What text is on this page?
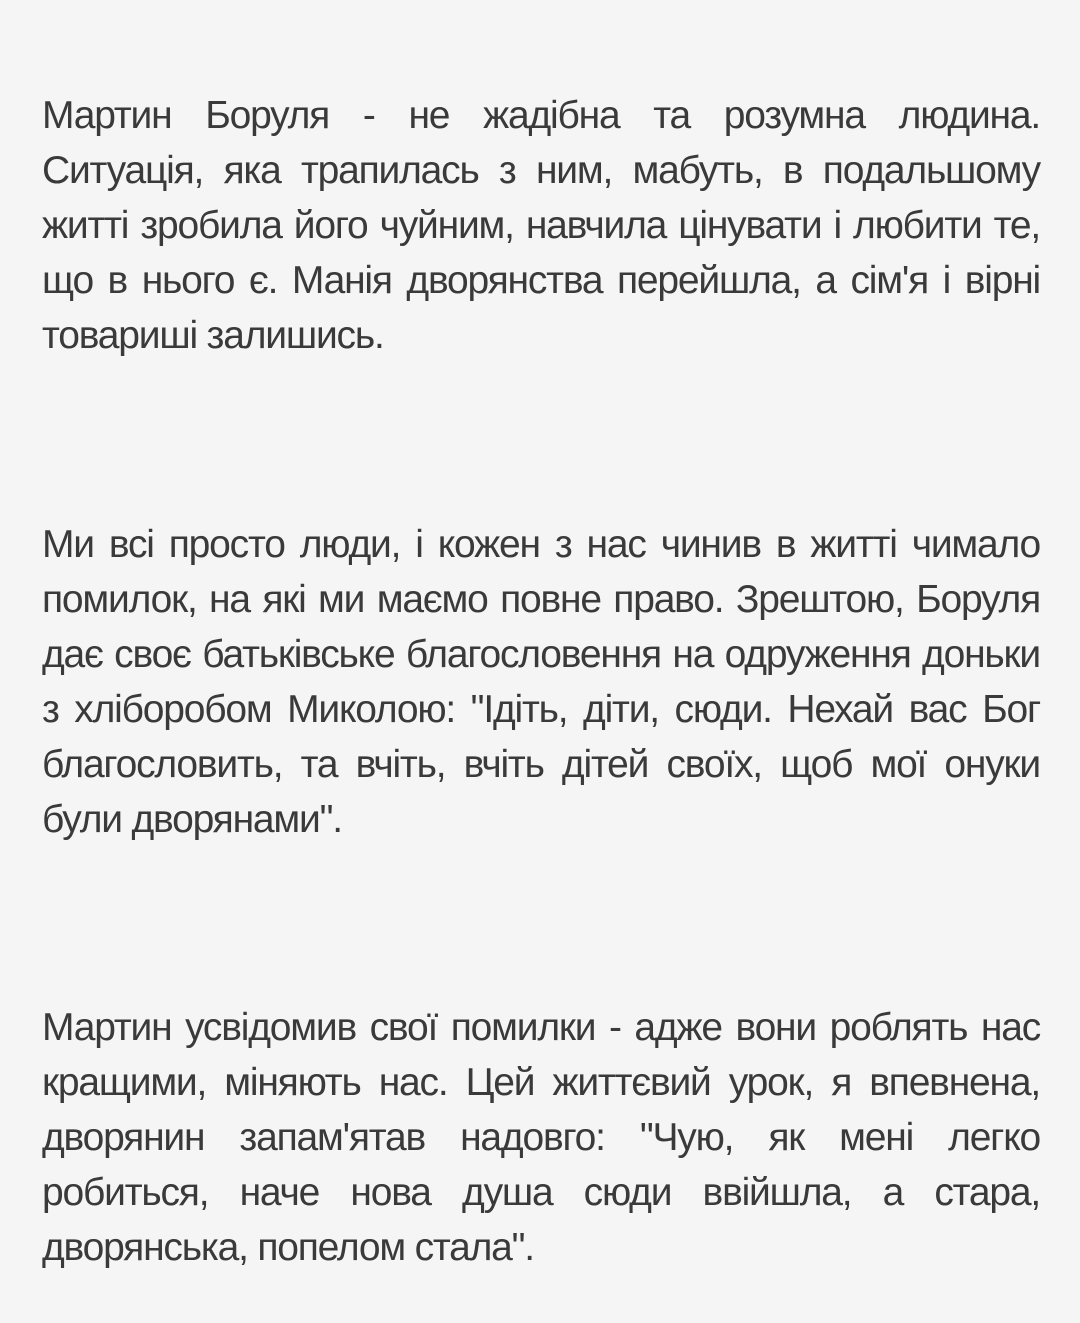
Мартин Боруля - не жадібна та розумна людина. Ситуація, яка трапилась з ним, мабуть, в подальшому житті зробила його чуйним, навчила цінувати і любити те, що в нього є. Манія дворянства перейшла, а сім'я і вірні товариші залишись.

Ми всі просто люди, і кожен з нас чинив в житті чимало помилок, на які ми маємо повне право. Зрештою, Боруля дає своє батьківське благословення на одруження доньки з хліборобом Миколою: "Ідіть, діти, сюди. Нехай вас Бог благословить, та вчіть, вчіть дітей своїх, щоб мої онуки були дворянами".

Мартин усвідомив свої помилки - адже вони роблять нас кращими, міняють нас. Цей життєвий урок, я впевнена, дворянин запам'ятав надовго: "Чую, як мені легко робиться, наче нова душа сюди ввійшла, а стара, дворянська, попелом стала".
